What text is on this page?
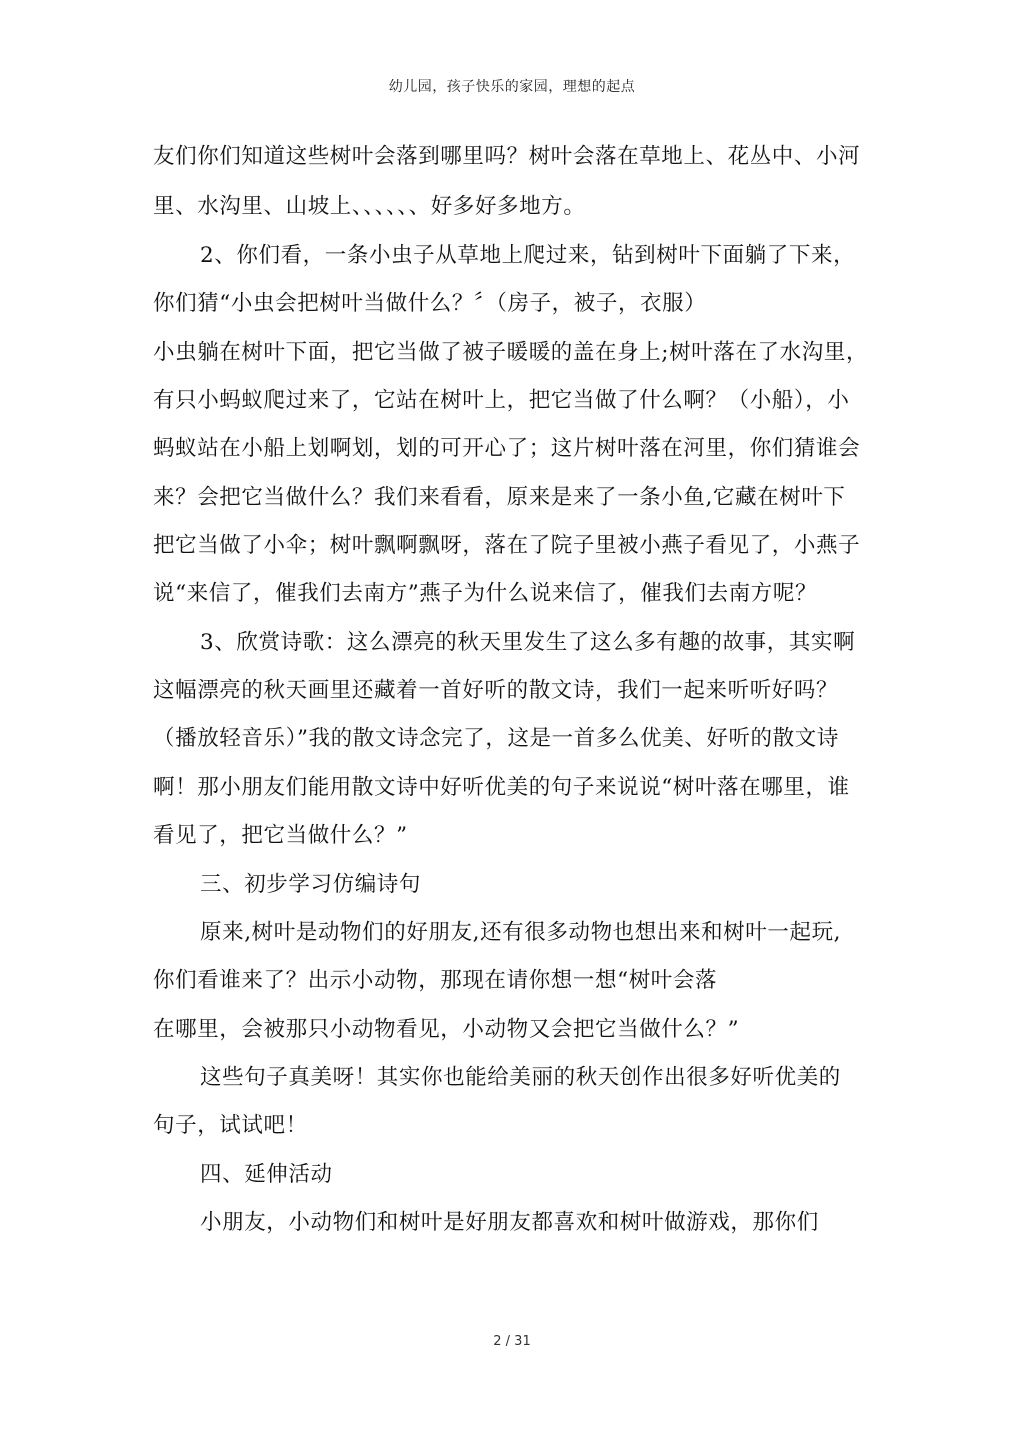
幼儿园，孩子快乐的家园，理想的起点
友们你们知道这些树叶会落到哪里吗？树叶会落在草地上、花丛中、小河
里、水沟里、山坡上、、、、、、好多好多地方。
2、你们看，一条小虫子从草地上爬过来，钻到树叶下面躺了下来，
你们猜“小虫会把树叶当做什么？〞（房子，被子，衣服）
小虫躺在树叶下面，把它当做了被子暖暖的盖在身上;树叶落在了水沟里，
有只小蚂蚁爬过来了，它站在树叶上，把它当做了什么啊？（小船），小
蚂蚁站在小船上划啊划，划的可开心了；这片树叶落在河里，你们猜谁会
来？会把它当做什么？我们来看看，原来是来了一条小鱼,它藏在树叶下
把它当做了小伞；树叶飘啊飘呀，落在了院子里被小燕子看见了，小燕子
说“来信了，催我们去南方”燕子为什么说来信了，催我们去南方呢？
3、欣赏诗歌：这么漂亮的秋天里发生了这么多有趣的故事，其实啊
这幅漂亮的秋天画里还藏着一首好听的散文诗，我们一起来听听好吗？
（播放轻音乐）”我的散文诗念完了，这是一首多么优美、好听的散文诗
啊！那小朋友们能用散文诗中好听优美的句子来说说“树叶落在哪里，谁
看见了，把它当做什么？”
三、初步学习仿编诗句
原来,树叶是动物们的好朋友,还有很多动物也想出来和树叶一起玩,
你们看谁来了？出示小动物，那现在请你想一想“树叶会落
在哪里，会被那只小动物看见，小动物又会把它当做什么？”
这些句子真美呀！其实你也能给美丽的秋天创作出很多好听优美的
句子，试试吧！
四、延伸活动
小朋友，小动物们和树叶是好朋友都喜欢和树叶做游戏，那你们
2 / 31
